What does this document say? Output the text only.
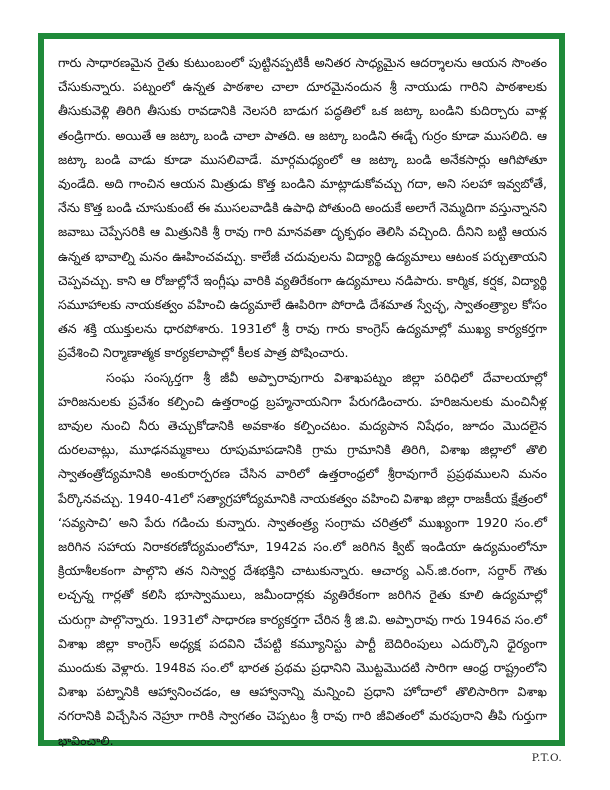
గారు సాధారణమైన రైతు కుటుంబంలో పుట్టినప్పటికీ అనితర సాధ్యమైన ఆదర్శాలను ఆయన సొంతం చేసుకున్నారు. పట్నంలో ఉన్నత పాఠశాల చాలా దూరమైనందున శ్రీ నాయుడు గారిని పాఠశాలకు తీసుకువెళ్లి తిరిగి తీసుకు రావడానికి నెలసరి బాడుగ పద్ధతిలో ఒక జట్కా బండిని కుదిర్చారు వాళ్ల తండ్రిగారు. అయితే ఆ జట్కా బండి చాలా పాతది. ఆ జట్కా బండిని ఈడ్చే గుర్రం కూడా ముసలిది. ఆ జట్కా బండి వాడు కూడా ముసలివాడే. మార్గమధ్యంలో ఆ జట్కా బండి అనేకసార్లు ఆగిపోతూ వుండేది. అది గాంచిన ఆయన మిత్రుడు కొత్త బండిని మాట్లాడుకోవచ్చు గదా, అని సలహా ఇవ్వబోతే, నేను కొత్త బండి చూసుకుంటే ఈ ముసలవాడికి ఉపాధి పోతుంది అందుకే అలాగే నెమ్మదిగా వస్తున్నానని జవాబు చెప్పేసరికి ఆ మిత్రునికి శ్రీ రావు గారి మానవతా దృక్పథం తెలిసి వచ్చింది. దీనిని బట్టి ఆయన ఉన్నత భావాల్ని మనం ఊహించవచ్చు. కాలేజీ చదువులను విద్యార్థి ఉద్యమాలు ఆటంక పర్చుతాయని చెప్పవచ్చు. కాని ఆ రోజుల్లోనే ఇంగ్లీషు వారికి వ్యతిరేకంగా ఉద్యమాలు నడిపారు. కార్మిక, కర్షక, విద్యార్థి సమూహాలకు నాయకత్వం వహించి ఉద్యమాలే ఊపిరిగా పోరాడి దేశమాత స్వేచ్ఛ, స్వాతంత్ర్యాల కోసం తన శక్తి యుక్తులను ధారపోశారు. 1931లో శ్రీ రావు గారు కాంగ్రెస్ ఉద్యమాల్లో ముఖ్య కార్యకర్తగా ప్రవేశించి నిర్మాణాత్మక కార్యకలాపాల్లో కీలక పాత్ర పోషించారు.

సంఘ సంస్కర్తగా శ్రీ జీవీ అప్పారావుగారు విశాఖపట్నం జిల్లా పరిధిలో దేవాలయాల్లో హరిజనులకు ప్రవేశం కల్పించి ఉత్తరాంధ్ర బ్రహ్మనాయనిగా పేరుగడించారు. హరిజనులకు మంచినీళ్ల బావుల నుంచి నీరు తెచ్చుకోడానికి అవకాశం కల్పించటం. మద్యపాన నిషేధం, జూదం మొదలైన దురలవాట్లు, మూఢనమ్మకాలు రూపుమాపడానికి గ్రామ గ్రామానికి తిరిగి, విశాఖ జిల్లాలో తొలి స్వాతంత్రోద్యమానికి అంకురార్పరణ చేసిన వారిలో ఉత్తరాంధ్రలో శ్రీరావుగారే ప్రప్రథములని మనం పేర్కొనవచ్చు. 1940-41లో సత్యాగ్రహోద్యమానికి నాయకత్వం వహించి విశాఖ జిల్లా రాజకీయ క్షేత్రంలో ‘సవ్యసాచి’ అని పేరు గడించు కున్నారు. స్వాతంత్ర్య సంగ్రామ చరిత్రలో ముఖ్యంగా 1920 సం.లో జరిగిన సహాయ నిరాకరణోద్యమంలోనూ, 1942వ సం.లో జరిగిన క్విట్ ఇండియా ఉద్యమంలోనూ క్రియాశీలకంగా పాల్గొని తన నిస్వార్ధ దేశభక్తిని చాటుకున్నారు. ఆచార్య ఎన్.జి.రంగా, సర్దార్ గౌతు లచ్చన్న గార్లతో కలిసి భూస్వాములు, జమీందార్లకు వ్యతిరేకంగా జరిగిన రైతు కూలి ఉద్యమాల్లో చురుగ్గా పాల్గొన్నారు. 1931లో సాధారణ కార్యకర్తగా చేరిన శ్రీ జి.వి. అప్పారావు గారు 1946వ సం.లో విశాఖ జిల్లా కాంగ్రెస్ అధ్యక్ష పదవిని చేపట్టి కమ్యూనిస్టు పార్టీ బెదిరింపులు ఎదుర్కొని ధైర్యంగా ముందుకు వెళ్లారు. 1948వ సం.లో భారత ప్రథమ ప్రధానిని మొట్టమొదటి సారిగా ఆంధ్ర రాష్ట్రంలోని విశాఖ పట్నానికి ఆహ్వానించడం, ఆ ఆహ్వానాన్ని మన్నించి ప్రధాని హోదాలో తొలిసారిగా విశాఖ నగరానికి విచ్చేసిన నెహ్రూ గారికి స్వాగతం చెప్పటం శ్రీ రావు గారి జీవితంలో మరపురాని తీపి గుర్తుగా భావించాలి.

P.T.O.
